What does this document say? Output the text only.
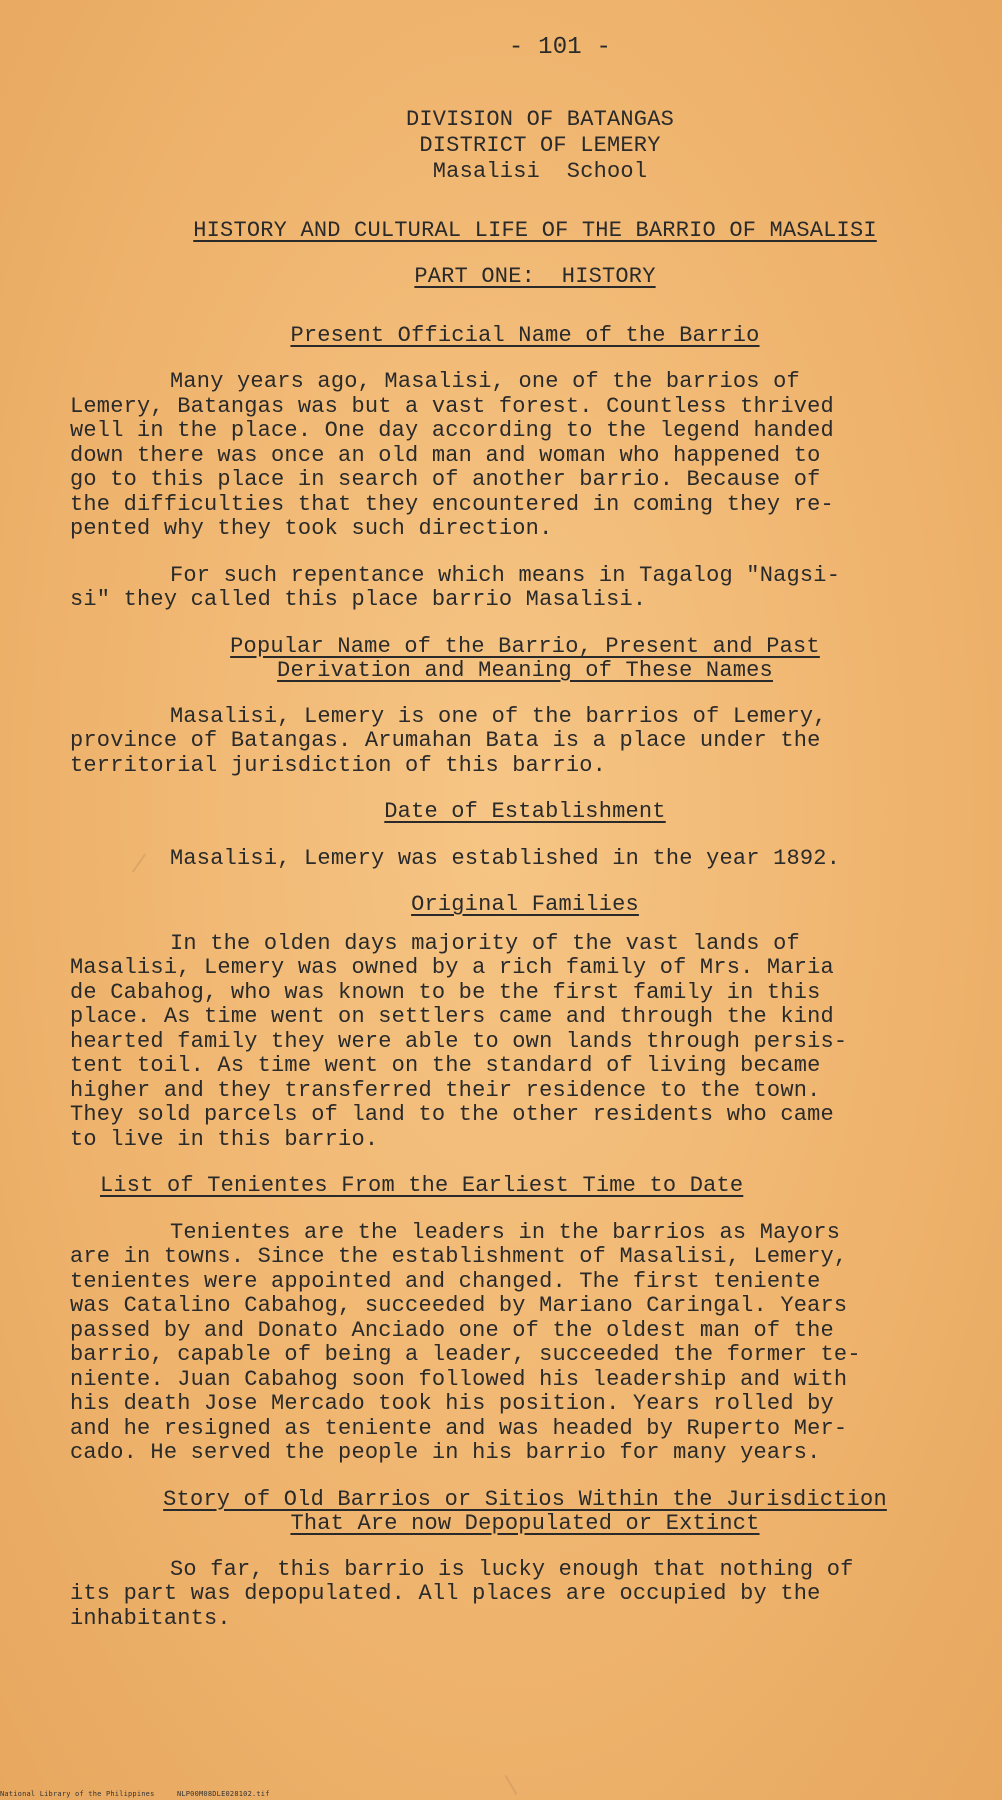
- 101 -
DIVISION OF BATANGAS
DISTRICT OF LEMERY
Masalisi  School
HISTORY AND CULTURAL LIFE OF THE BARRIO OF MASALISI
PART ONE:  HISTORY
Present Official Name of the Barrio

Many years ago, Masalisi, one of the barrios of
Lemery, Batangas was but a vast forest. Countless thrived
well in the place. One day according to the legend handed
down there was once an old man and woman who happened to
go to this place in search of another barrio. Because of
the difficulties that they encountered in coming they re-
pented why they took such direction.

For such repentance which means in Tagalog "Nagsi-
si" they called this place barrio Masalisi.

Popular Name of the Barrio, Present and Past
Derivation and Meaning of These Names

Masalisi, Lemery is one of the barrios of Lemery,
province of Batangas. Arumahan Bata is a place under the
territorial jurisdiction of this barrio.

Date of Establishment

Masalisi, Lemery was established in the year 1892.

Original Families

In the olden days majority of the vast lands of
Masalisi, Lemery was owned by a rich family of Mrs. Maria
de Cabahog, who was known to be the first family in this
place. As time went on settlers came and through the kind
hearted family they were able to own lands through persis-
tent toil. As time went on the standard of living became
higher and they transferred their residence to the town.
They sold parcels of land to the other residents who came
to live in this barrio.

List of Tenientes From the Earliest Time to Date

Tenientes are the leaders in the barrios as Mayors
are in towns. Since the establishment of Masalisi, Lemery,
tenientes were appointed and changed. The first teniente
was Catalino Cabahog, succeeded by Mariano Caringal. Years
passed by and Donato Anciado one of the oldest man of the
barrio, capable of being a leader, succeeded the former te-
niente. Juan Cabahog soon followed his leadership and with
his death Jose Mercado took his position. Years rolled by
and he resigned as teniente and was headed by Ruperto Mer-
cado. He served the people in his barrio for many years.

Story of Old Barrios or Sitios Within the Jurisdiction
That Are now Depopulated or Extinct

So far, this barrio is lucky enough that nothing of
its part was depopulated. All places are occupied by the
inhabitants.

National Library of the Philippines	NLP00M08DLE028102.tif
